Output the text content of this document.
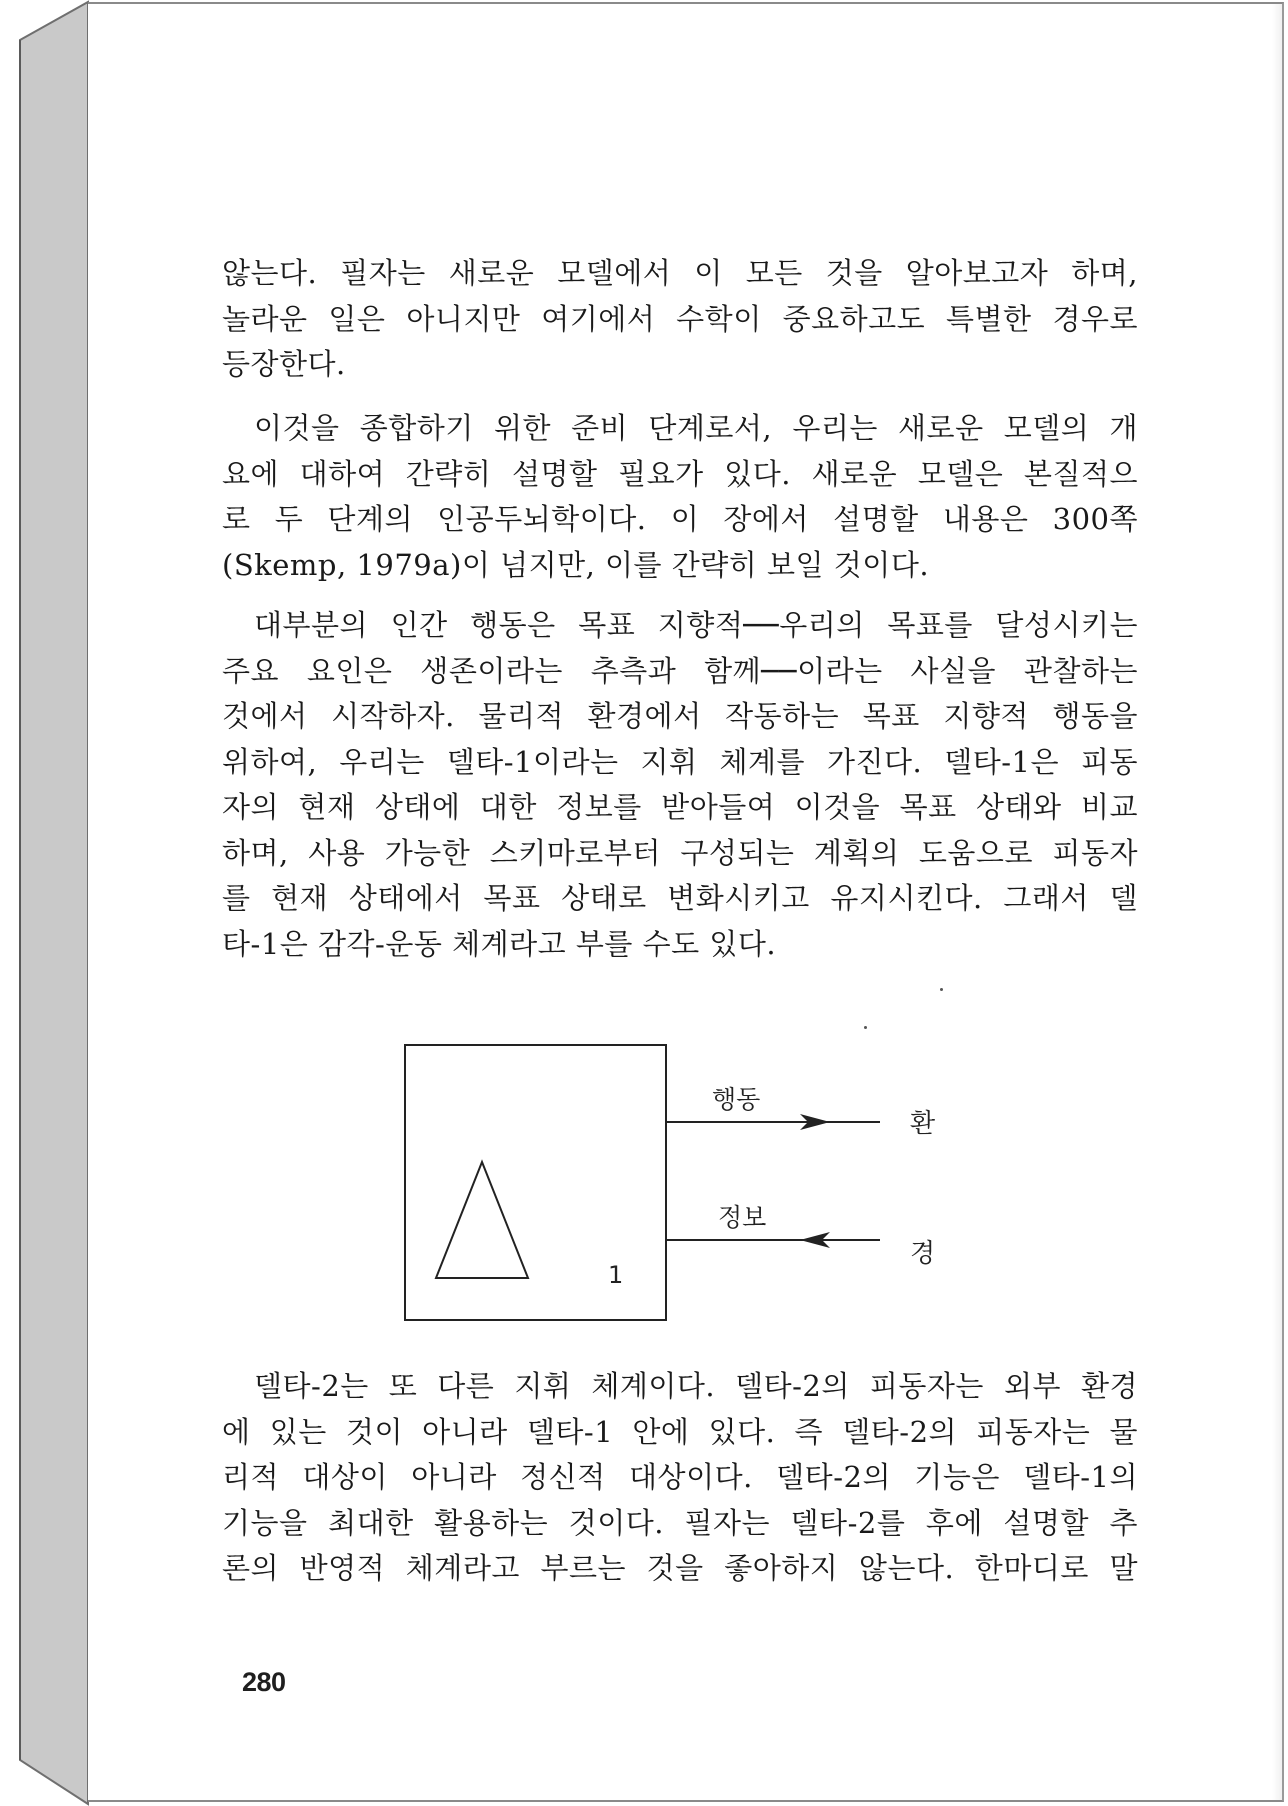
않는다. 필자는 새로운 모델에서 이 모든 것을 알아보고자 하며,
놀라운 일은 아니지만 여기에서 수학이 중요하고도 특별한 경우로
등장한다.
이것을 종합하기 위한 준비 단계로서, 우리는 새로운 모델의 개
요에 대하여 간략히 설명할 필요가 있다. 새로운 모델은 본질적으
로 두 단계의 인공두뇌학이다. 이 장에서 설명할 내용은 300쪽
(Skemp, 1979a)이 넘지만, 이를 간략히 보일 것이다.
대부분의 인간 행동은 목표 지향적──우리의 목표를 달성시키는
주요 요인은 생존이라는 추측과 함께──이라는 사실을 관찰하는
것에서 시작하자. 물리적 환경에서 작동하는 목표 지향적 행동을
위하여, 우리는 델타-1이라는 지휘 체계를 가진다. 델타-1은 피동
자의 현재 상태에 대한 정보를 받아들여 이것을 목표 상태와 비교
하며, 사용 가능한 스키마로부터 구성되는 계획의 도움으로 피동자
를 현재 상태에서 목표 상태로 변화시키고 유지시킨다. 그래서 델
타-1은 감각-운동 체계라고 부를 수도 있다.
1
행동
정보
환
경
델타-2는 또 다른 지휘 체계이다. 델타-2의 피동자는 외부 환경
에 있는 것이 아니라 델타-1 안에 있다. 즉 델타-2의 피동자는 물
리적 대상이 아니라 정신적 대상이다. 델타-2의 기능은 델타-1의
기능을 최대한 활용하는 것이다. 필자는 델타-2를 후에 설명할 추
론의 반영적 체계라고 부르는 것을 좋아하지 않는다. 한마디로 말
280
